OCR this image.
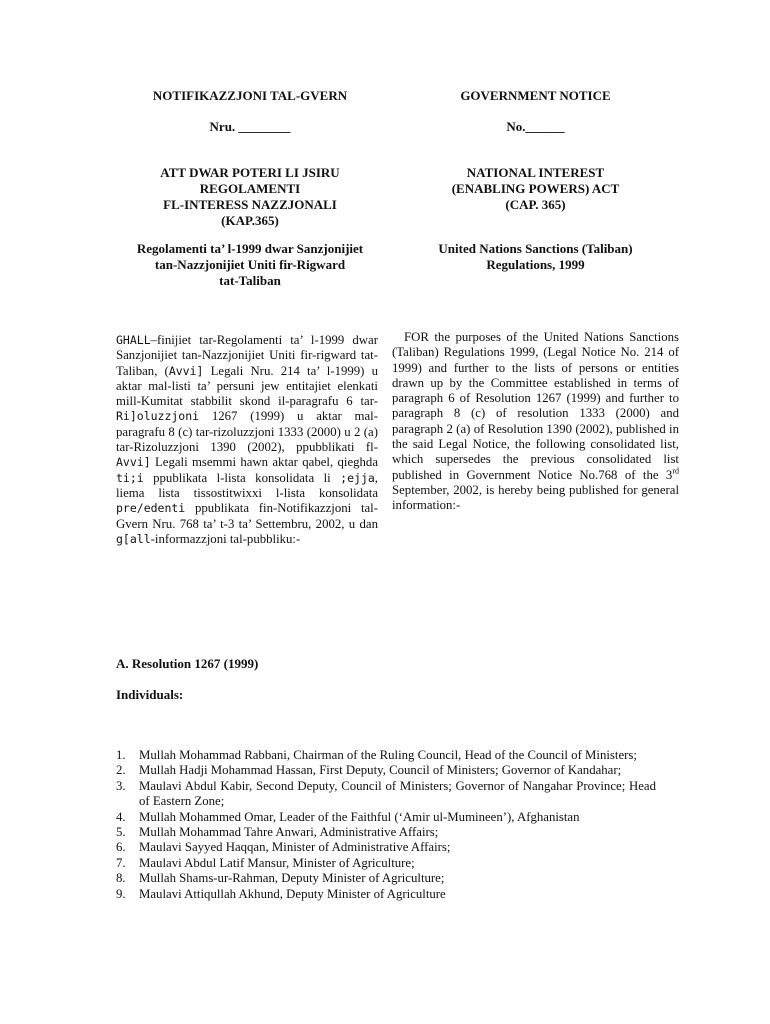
NOTIFIKAZZJONI TAL-GVERN
Nru. ________
ATT DWAR POTERI LI JSIRU
REGOLAMENTI
FL-INTERESS NAZZJONALI
(KAP.365)
Regolamenti ta’ l-1999 dwar Sanzjonijiet
tan-Nazzjonijiet Uniti fir-Rigward
tat-Taliban
GOVERNMENT NOTICE
No.______
NATIONAL INTEREST
(ENABLING POWERS) ACT
(CAP. 365)
United Nations Sanctions (Taliban)
Regulations, 1999
GHALL–finijiet tar-Regolamenti ta’ l-1999 dwar Sanzjonijiet tan-Nazzjonijiet Uniti fir-rigward tat-Taliban, (Avvi] Legali Nru. 214 ta’ l-1999) u aktar mal-listi ta’ persuni jew entitajiet elenkati mill-Kumitat stabbilit skond il-paragrafu 6 tar-Ri]oluzzjoni 1267 (1999) u aktar mal-paragrafu 8 (c) tar-rizoluzzjoni 1333 (2000) u 2 (a) tar-Rizoluzzjoni 1390 (2002), ppubblikati fl-Avvi] Legali msemmi hawn aktar qabel, qieghda ti;i ppublikata l-lista konsolidata li ;ejja, liema lista tissostitwixxi l-lista konsolidata pre/edenti ppublikata fin-Notifikazzjoni tal-Gvern Nru. 768 ta’ t-3 ta’ Settembru, 2002, u dan g[all-informazzjoni tal-pubbliku:-
FOR the purposes of the United Nations Sanctions (Taliban) Regulations 1999, (Legal Notice No. 214 of 1999) and further to the lists of persons or entities drawn up by the Committee established in terms of paragraph 6 of Resolution 1267 (1999) and further to paragraph 8 (c) of resolution 1333 (2000) and paragraph 2 (a) of Resolution 1390 (2002), published in the said Legal Notice, the following consolidated list, which supersedes the previous consolidated list published in Government Notice No.768 of the 3rd September, 2002, is hereby being published for general information:-
A. Resolution 1267 (1999)
Individuals:
1. Mullah Mohammad Rabbani, Chairman of the Ruling Council, Head of the Council of Ministers;
2. Mullah Hadji Mohammad Hassan, First Deputy, Council of Ministers; Governor of Kandahar;
3. Maulavi Abdul Kabir, Second Deputy, Council of Ministers; Governor of Nangahar Province; Head of Eastern Zone;
4. Mullah Mohammed Omar, Leader of the Faithful (‘Amir ul-Mumineen’), Afghanistan
5. Mullah Mohammad Tahre Anwari, Administrative Affairs;
6. Maulavi Sayyed Haqqan, Minister of Administrative Affairs;
7. Maulavi Abdul Latif Mansur, Minister of Agriculture;
8. Mullah Shams-ur-Rahman, Deputy Minister of Agriculture;
9. Maulavi Attiqullah Akhund, Deputy Minister of Agriculture
